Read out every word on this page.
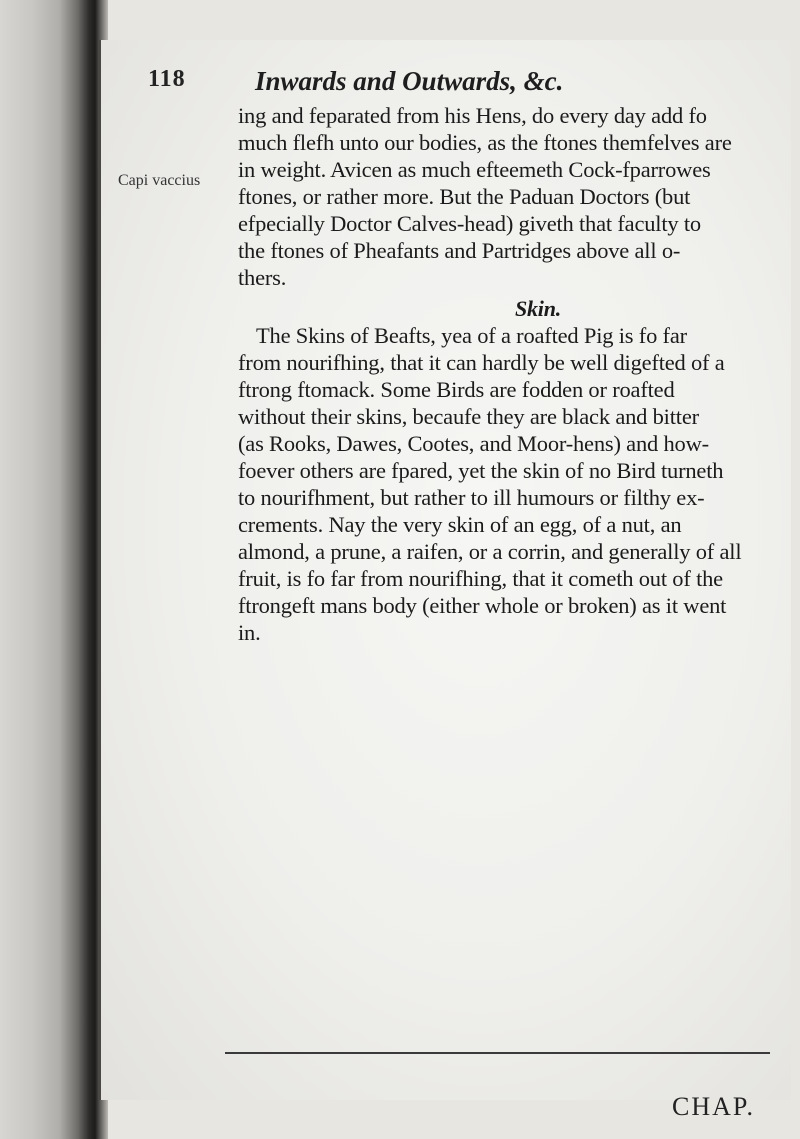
118	Inwards and Outwards, &c.
Capi vaccius
ing and feparated from his Hens, do every day add fo
much flefh unto our bodies, as the ftones themfelves are
in weight. Avicen as much efteemeth Cock-fparrowes
ftones, or rather more. But the Paduan Doctors (but
efpecially Doctor Calves-head) giveth that faculty to
the ftones of Pheafants and Partridges above all o-
thers.
Skin.
The Skins of Beafts, yea of a roafted Pig is fo far
from nourifhing, that it can hardly be well digefted of a
ftrong ftomack. Some Birds are fodden or roafted
without their skins, becaufe they are black and bitter
(as Rooks, Dawes, Cootes, and Moor-hens) and how-
foever others are fpared, yet the skin of no Bird turneth
to nourifhment, but rather to ill humours or filthy ex-
crements. Nay the very skin of an egg, of a nut, an
almond, a prune, a raifen, or a corrin, and generally of all
fruit, is fo far from nourifhing, that it cometh out of the
ftrongeft mans body (either whole or broken) as it went
in.
CHAP.
